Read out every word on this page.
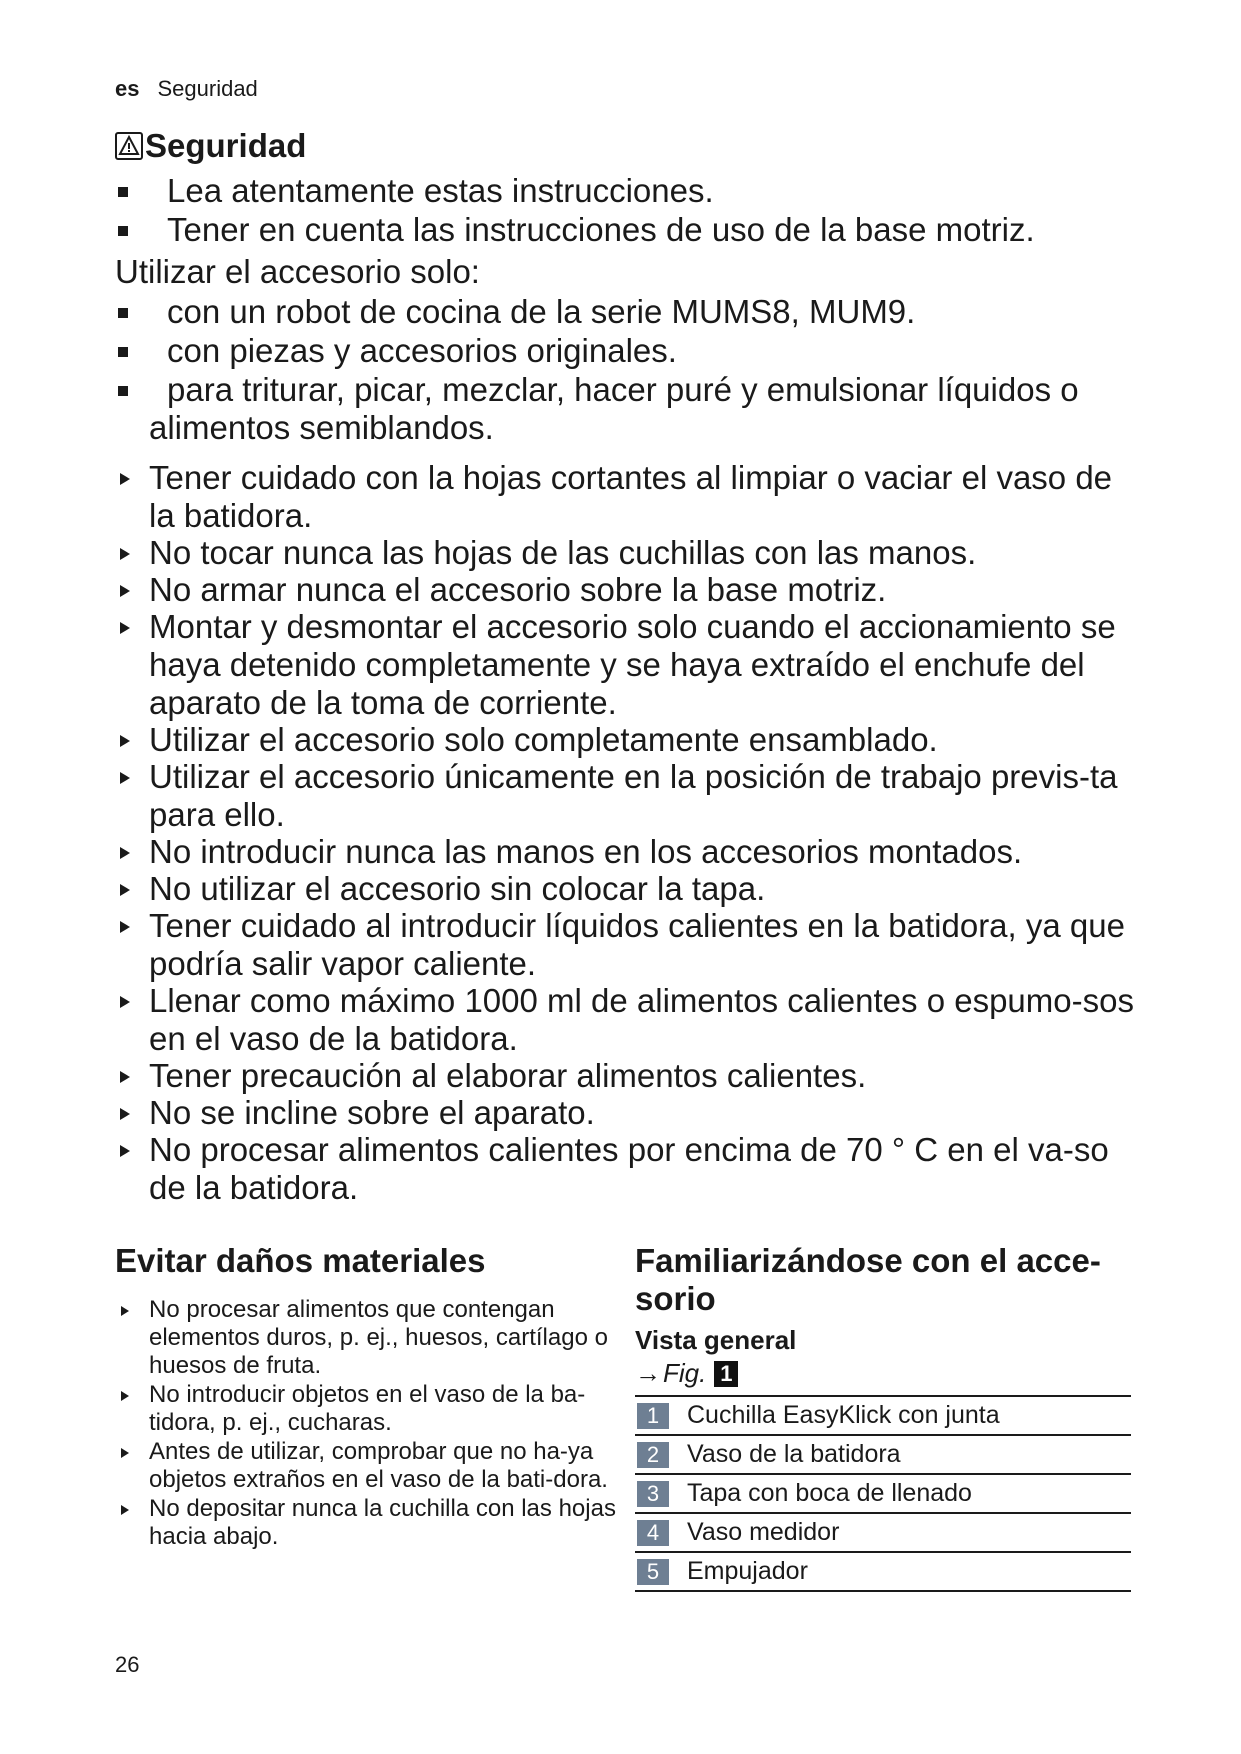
es Seguridad
Seguridad
Lea atentamente estas instrucciones.
Tener en cuenta las instrucciones de uso de la base motriz.
Utilizar el accesorio solo:
con un robot de cocina de la serie MUMS8, MUM9.
con piezas y accesorios originales.
para triturar, picar, mezclar, hacer puré y emulsionar líquidos o alimentos semiblandos.
Tener cuidado con la hojas cortantes al limpiar o vaciar el vaso de la batidora.
No tocar nunca las hojas de las cuchillas con las manos.
No armar nunca el accesorio sobre la base motriz.
Montar y desmontar el accesorio solo cuando el accionamiento se haya detenido completamente y se haya extraído el enchufe del aparato de la toma de corriente.
Utilizar el accesorio solo completamente ensamblado.
Utilizar el accesorio únicamente en la posición de trabajo previs-ta para ello.
No introducir nunca las manos en los accesorios montados.
No utilizar el accesorio sin colocar la tapa.
Tener cuidado al introducir líquidos calientes en la batidora, ya que podría salir vapor caliente.
Llenar como máximo 1000 ml de alimentos calientes o espumo-sos en el vaso de la batidora.
Tener precaución al elaborar alimentos calientes.
No se incline sobre el aparato.
No procesar alimentos calientes por encima de 70 ° C en el va-so de la batidora.
Evitar daños materiales
No procesar alimentos que contengan elementos duros, p. ej., huesos, cartílago o huesos de fruta.
No introducir objetos en el vaso de la ba-tidora, p. ej., cucharas.
Antes de utilizar, comprobar que no ha-ya objetos extraños en el vaso de la bati-dora.
No depositar nunca la cuchilla con las hojas hacia abajo.
Familiarizándose con el acce-sorio
Vista general
→ Fig. 1
1	Cuchilla EasyKlick con junta
2	Vaso de la batidora
3	Tapa con boca de llenado
4	Vaso medidor
5	Empujador
26
